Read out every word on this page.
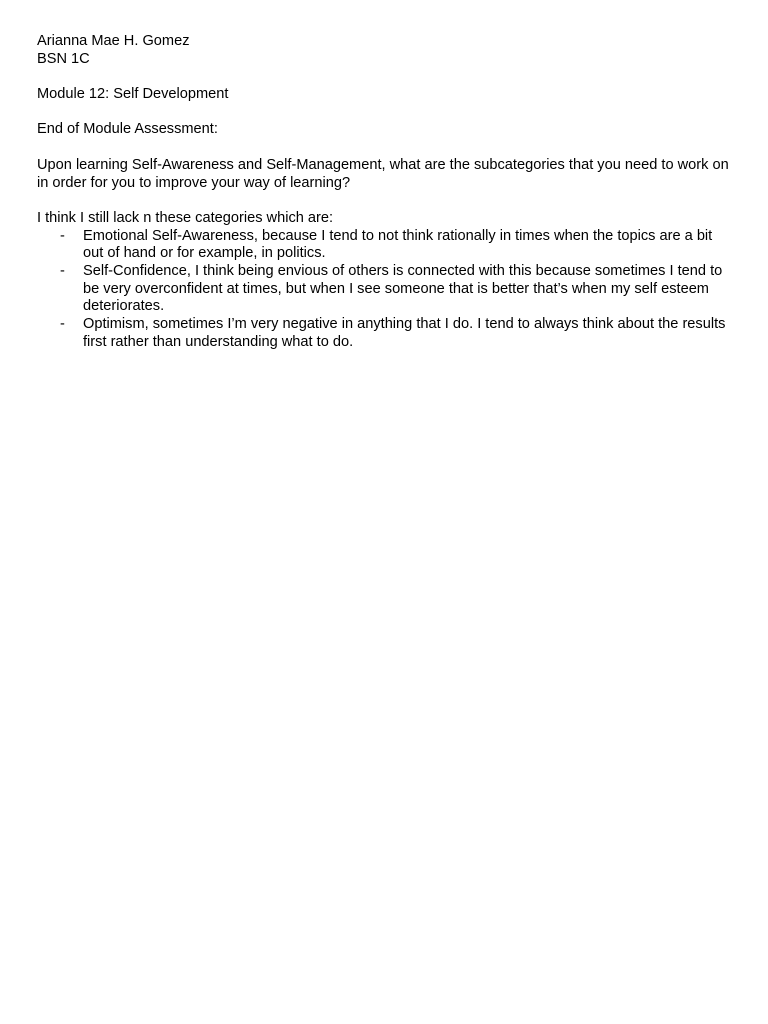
Arianna Mae H. Gomez
BSN 1C
Module 12: Self Development
End of Module Assessment:
Upon learning Self-Awareness and Self-Management, what are the subcategories that you need to work on in order for you to improve your way of learning?
I think I still lack n these categories which are:
- Emotional Self-Awareness, because I tend to not think rationally in times when the topics are a bit out of hand or for example, in politics.
- Self-Confidence, I think being envious of others is connected with this because sometimes I tend to be very overconfident at times, but when I see someone that is better that’s when my self esteem deteriorates.
- Optimism, sometimes I’m very negative in anything that I do. I tend to always think about the results first rather than understanding what to do.
